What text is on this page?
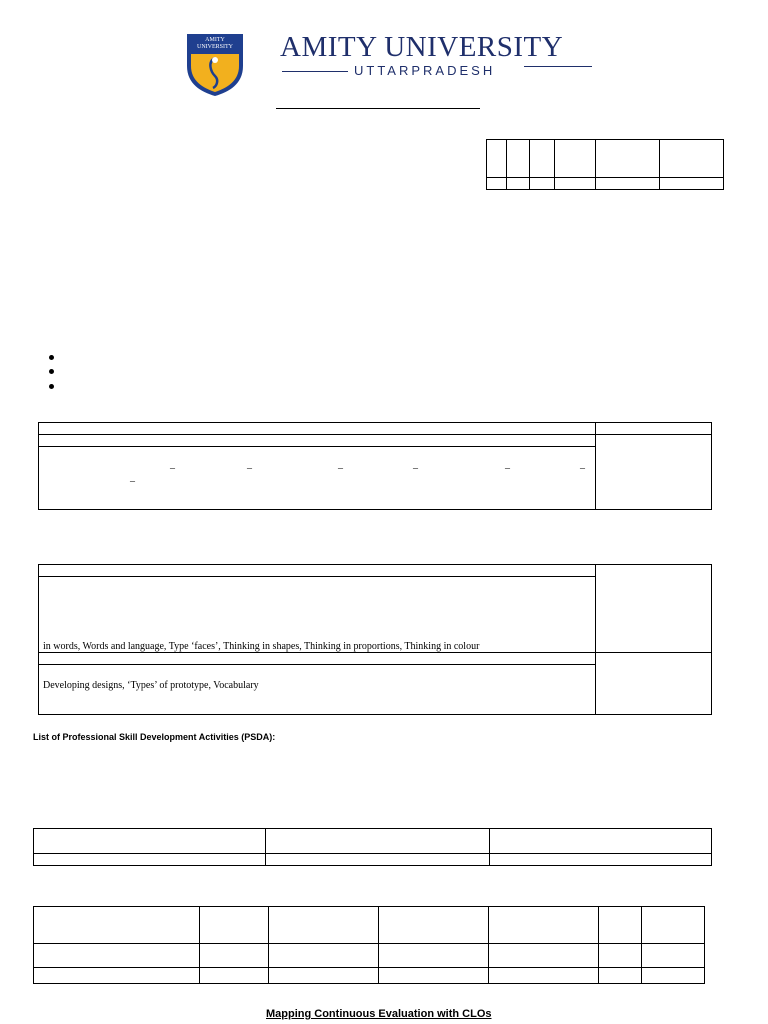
AMITY UNIVERSITY AMITY UNIVERSITY
UTTARPRADESH

_	_	_	_	_	_
_

in words, Words and language, Type ‘faces’, Thinking in shapes, Thinking in proportions, Thinking in colour
Developing designs, ‘Types’ of prototype, Vocabulary
List of Professional Skill Development Activities (PSDA):

Mapping Continuous Evaluation with CLOs
